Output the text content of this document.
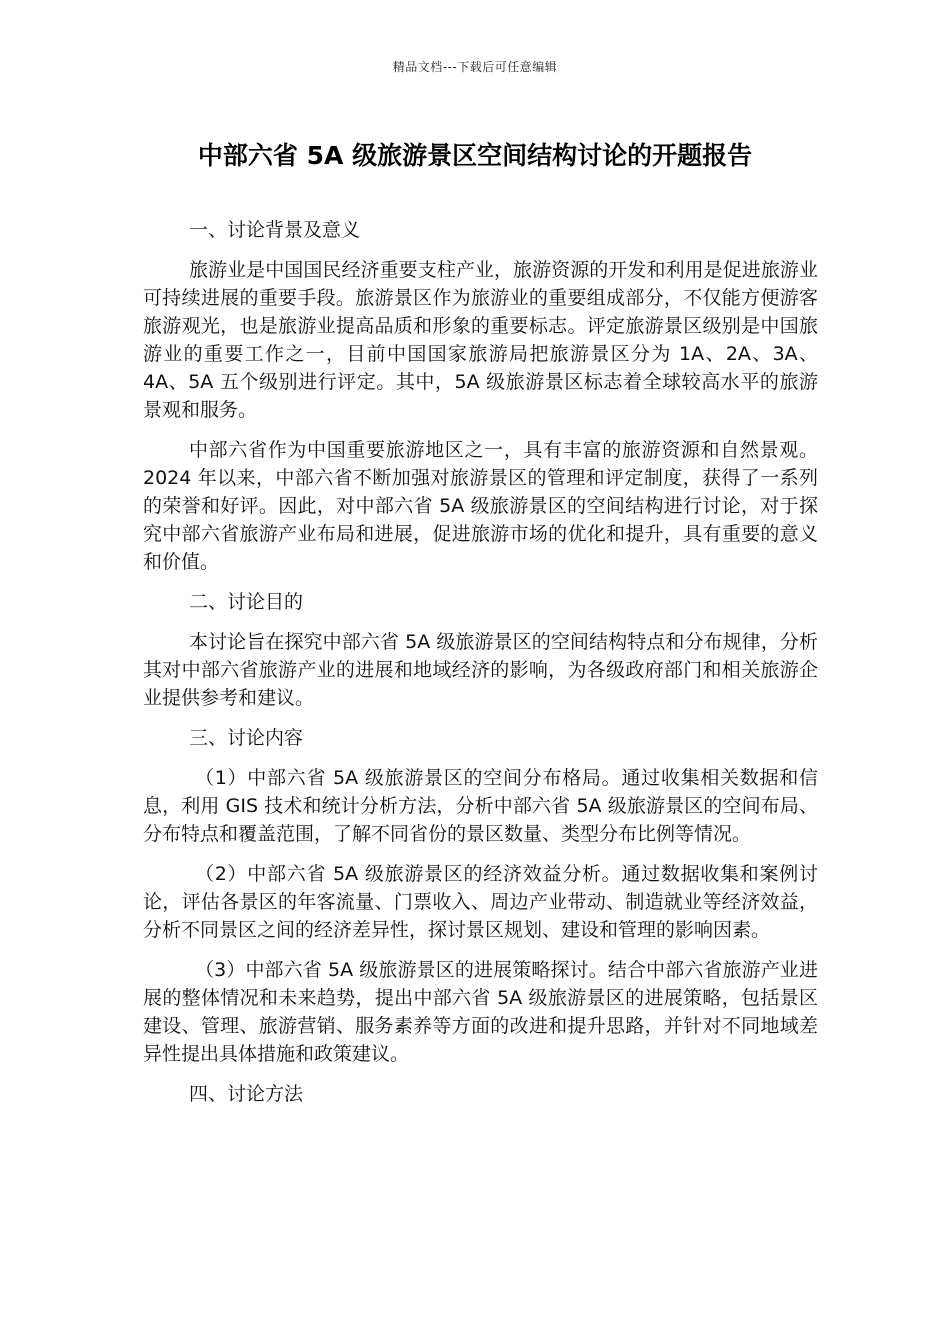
精品文档---下载后可任意编辑
中部六省 5A 级旅游景区空间结构讨论的开题报告

一、讨论背景及意义

旅游业是中国国民经济重要支柱产业，旅游资源的开发和利用是促进旅游业可持续进展的重要手段。旅游景区作为旅游业的重要组成部分，不仅能方便游客旅游观光，也是旅游业提高品质和形象的重要标志。评定旅游景区级别是中国旅游业的重要工作之一，目前中国国家旅游局把旅游景区分为 1A、2A、3A、4A、5A 五个级别进行评定。其中，5A 级旅游景区标志着全球较高水平的旅游景观和服务。

中部六省作为中国重要旅游地区之一，具有丰富的旅游资源和自然景观。2024 年以来，中部六省不断加强对旅游景区的管理和评定制度，获得了一系列的荣誉和好评。因此，对中部六省 5A 级旅游景区的空间结构进行讨论，对于探究中部六省旅游产业布局和进展，促进旅游市场的优化和提升，具有重要的意义和价值。

二、讨论目的

本讨论旨在探究中部六省 5A 级旅游景区的空间结构特点和分布规律，分析其对中部六省旅游产业的进展和地域经济的影响，为各级政府部门和相关旅游企业提供参考和建议。

三、讨论内容

（1）中部六省 5A 级旅游景区的空间分布格局。通过收集相关数据和信息，利用 GIS 技术和统计分析方法，分析中部六省 5A 级旅游景区的空间布局、分布特点和覆盖范围，了解不同省份的景区数量、类型分布比例等情况。

（2）中部六省 5A 级旅游景区的经济效益分析。通过数据收集和案例讨论，评估各景区的年客流量、门票收入、周边产业带动、制造就业等经济效益，分析不同景区之间的经济差异性，探讨景区规划、建设和管理的影响因素。

（3）中部六省 5A 级旅游景区的进展策略探讨。结合中部六省旅游产业进展的整体情况和未来趋势，提出中部六省 5A 级旅游景区的进展策略，包括景区建设、管理、旅游营销、服务素养等方面的改进和提升思路，并针对不同地域差异性提出具体措施和政策建议。

四、讨论方法
